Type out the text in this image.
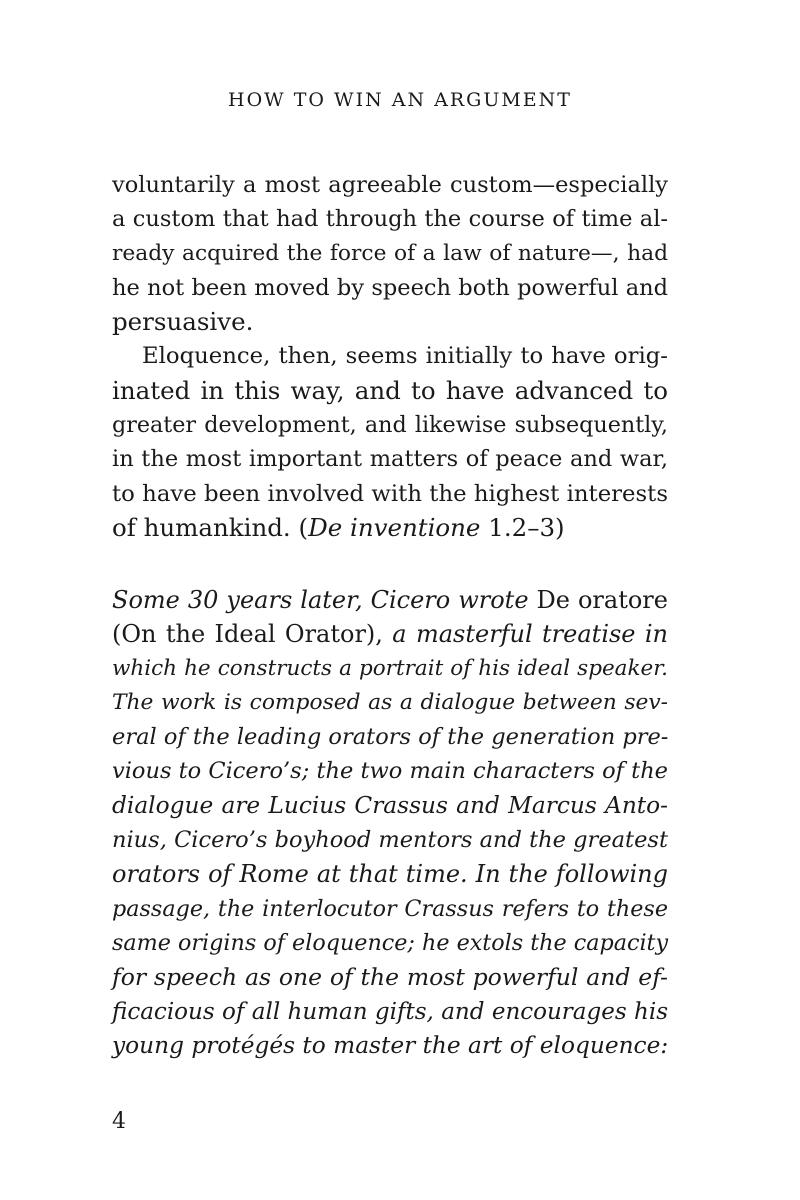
HOW TO WIN AN ARGUMENT
voluntarily a most agreeable custom—especially
a custom that had through the course of time al-
ready acquired the force of a law of nature—, had
he not been moved by speech both powerful and
persuasive.
Eloquence, then, seems initially to have orig-
inated in this way, and to have advanced to
greater development, and likewise subsequently,
in the most important matters of peace and war,
to have been involved with the highest interests
of humankind. (De inventione 1.2–3)
Some 30 years later, Cicero wrote De oratore
(On the Ideal Orator), a masterful treatise in
which he constructs a portrait of his ideal speaker.
The work is composed as a dialogue between sev-
eral of the leading orators of the generation pre-
vious to Cicero’s; the two main characters of the
dialogue are Lucius Crassus and Marcus Anto-
nius, Cicero’s boyhood mentors and the greatest
orators of Rome at that time. In the following
passage, the interlocutor Crassus refers to these
same origins of eloquence; he extols the capacity
for speech as one of the most powerful and ef-
ficacious of all human gifts, and encourages his
young protégés to master the art of eloquence:
4
